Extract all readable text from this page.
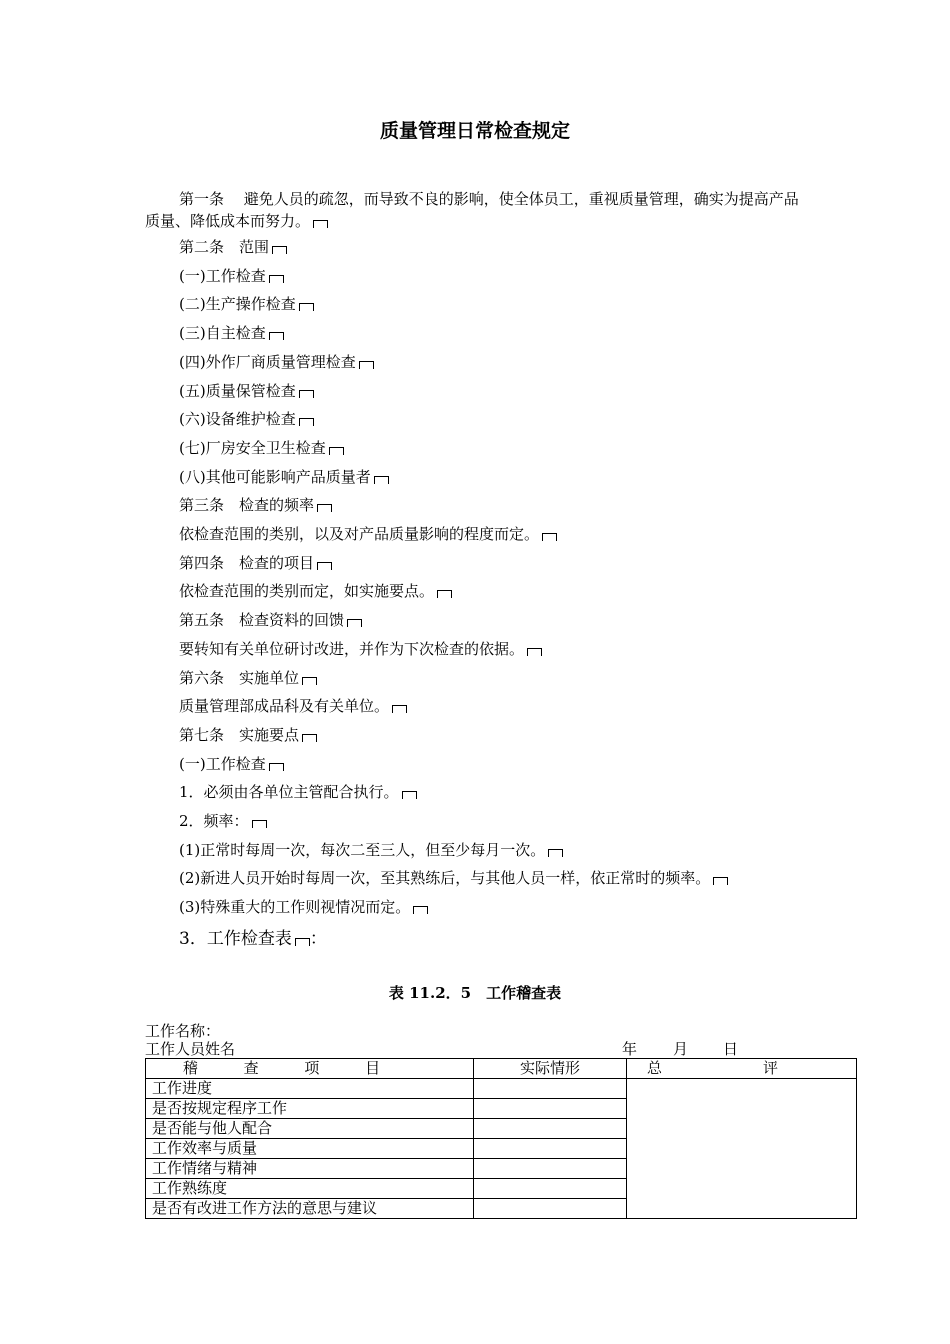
质量管理日常检查规定
第一条　 避免人员的疏忽，而导致不良的影响，使全体员工，重视质量管理，确实为提高产品质量、降低成本而努力。
第二条　范围
(一)工作检查
(二)生产操作检查
(三)自主检查
(四)外作厂商质量管理检查
(五)质量保管检查
(六)设备维护检查
(七)厂房安全卫生检查
(八)其他可能影响产品质量者
第三条　检查的频率
依检查范围的类别，以及对产品质量影响的程度而定。
第四条　检查的项目
依检查范围的类别而定，如实施要点。
第五条　检查资料的回馈
要转知有关单位研讨改进，并作为下次检查的依据。
第六条　实施单位
质量管理部成品科及有关单位。
第七条　实施要点
(一)工作检查
1．必须由各单位主管配合执行。
2．频率：
(1)正常时每周一次，每次二至三人，但至少每月一次。
(2)新进人员开始时每周一次，至其熟练后，与其他人员一样，依正常时的频率。
(3)特殊重大的工作则视情况而定。
3．工作检查表 ：
表 11.2．5　 工作稽查表
工作名称：
工作人员姓名	年 月 日
稽 查 项 目	实际情形	总 评

工作进度		
是否按规定程序工作		
是否能与他人配合		
工作效率与质量		
工作情绪与精神		
工作熟练度		
是否有改进工作方法的意思与建议		
